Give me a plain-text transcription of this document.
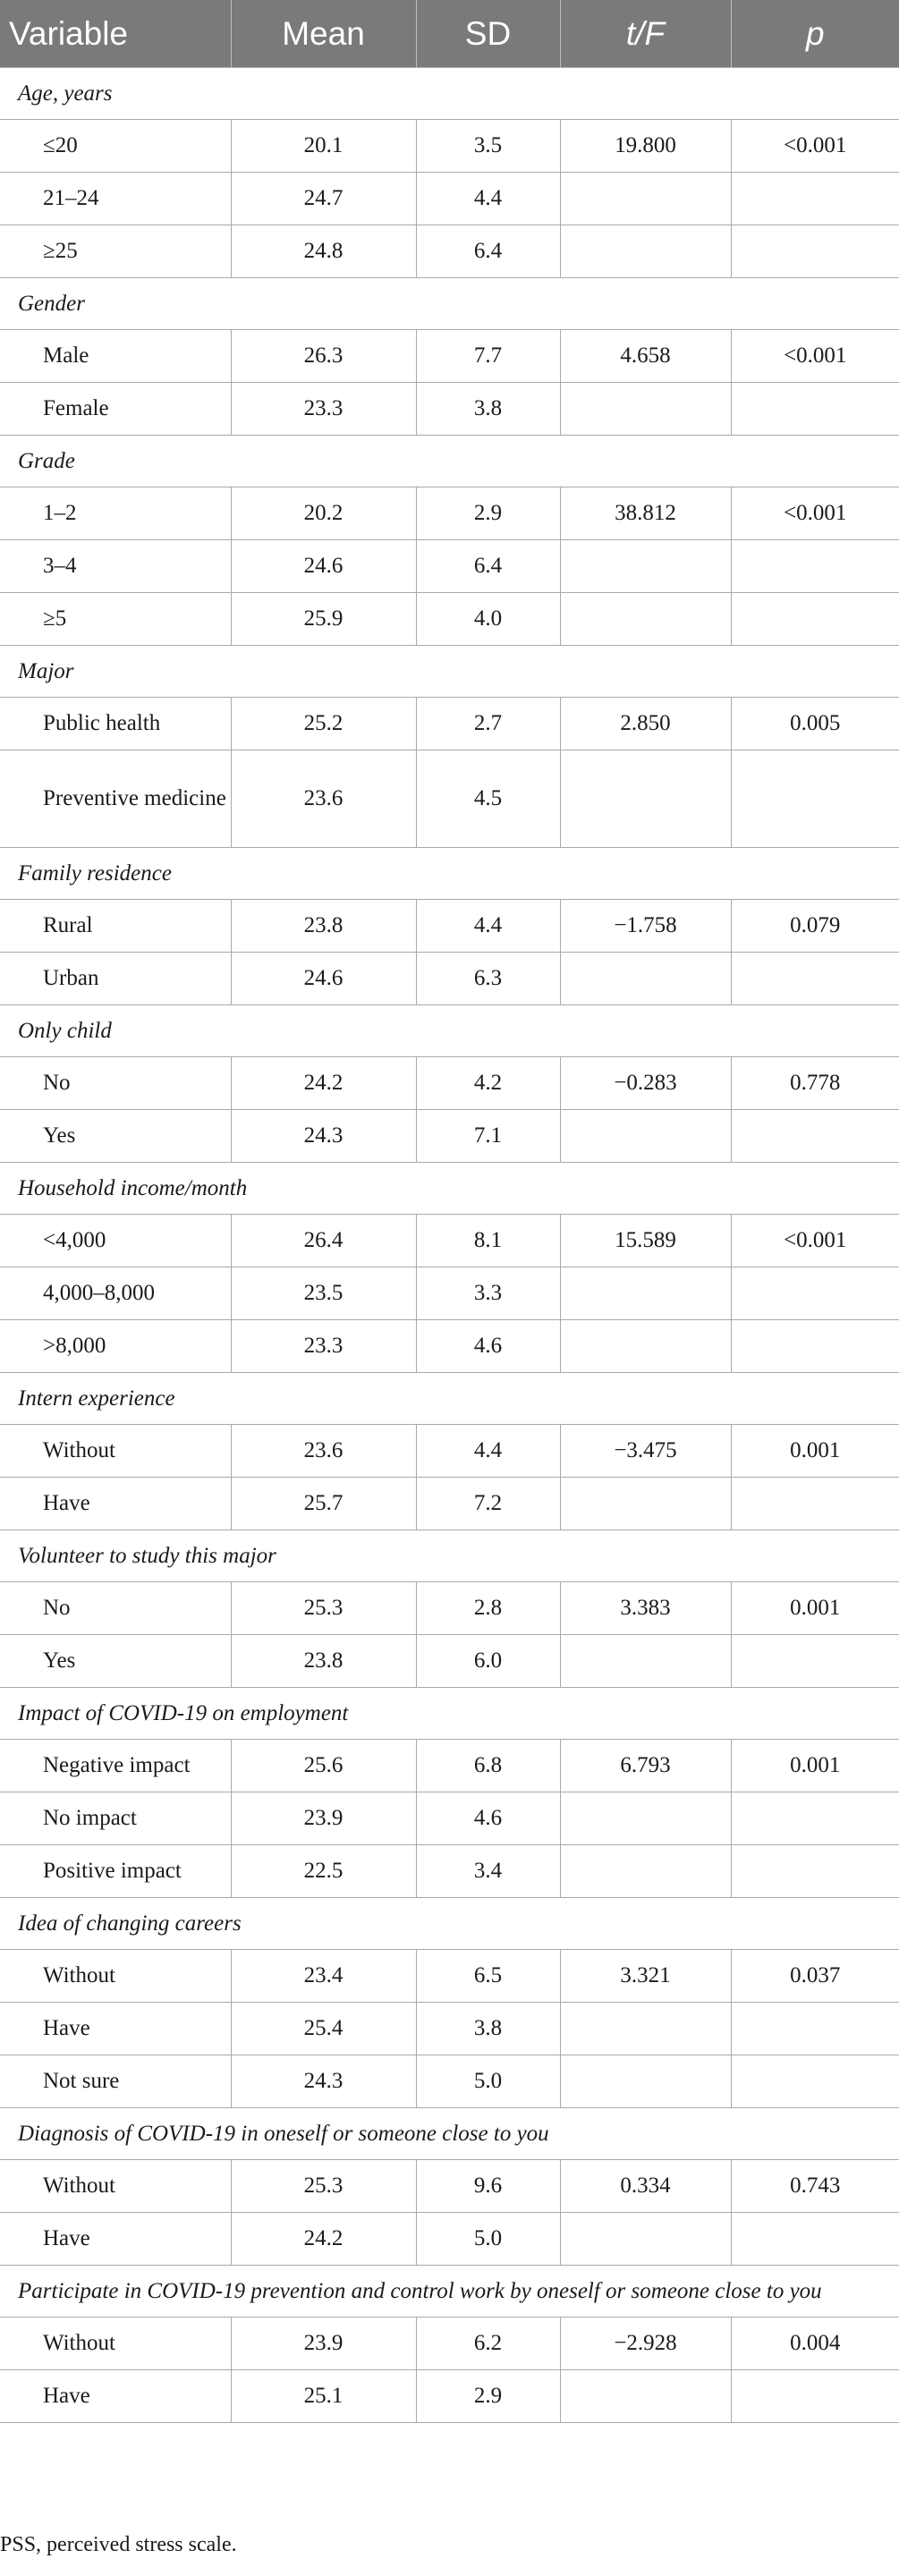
Variable	Mean	SD	t/F	p
Age, years				
≤20	20.1	3.5	19.800	<0.001
21–24	24.7	4.4		
≥25	24.8	6.4		
Gender				
Male	26.3	7.7	4.658	<0.001
Female	23.3	3.8		
Grade				
1–2	20.2	2.9	38.812	<0.001
3–4	24.6	6.4		
≥5	25.9	4.0		
Major				
Public health	25.2	2.7	2.850	0.005
Preventive medicine	23.6	4.5		
Family residence				
Rural	23.8	4.4	−1.758	0.079
Urban	24.6	6.3		
Only child				
No	24.2	4.2	−0.283	0.778
Yes	24.3	7.1		
Household income/month				
<4,000	26.4	8.1	15.589	<0.001
4,000–8,000	23.5	3.3		
>8,000	23.3	4.6		
Intern experience				
Without	23.6	4.4	−3.475	0.001
Have	25.7	7.2		
Volunteer to study this major				
No	25.3	2.8	3.383	0.001
Yes	23.8	6.0		
Impact of COVID-19 on employment				
Negative impact	25.6	6.8	6.793	0.001
No impact	23.9	4.6		
Positive impact	22.5	3.4		
Idea of changing careers				
Without	23.4	6.5	3.321	0.037
Have	25.4	3.8		
Not sure	24.3	5.0		
Diagnosis of COVID-19 in oneself or someone close to you				
Without	25.3	9.6	0.334	0.743
Have	24.2	5.0		
Participate in COVID-19 prevention and control work by oneself or someone close to you				
Without	23.9	6.2	−2.928	0.004
Have	25.1	2.9		
PSS, perceived stress scale.
